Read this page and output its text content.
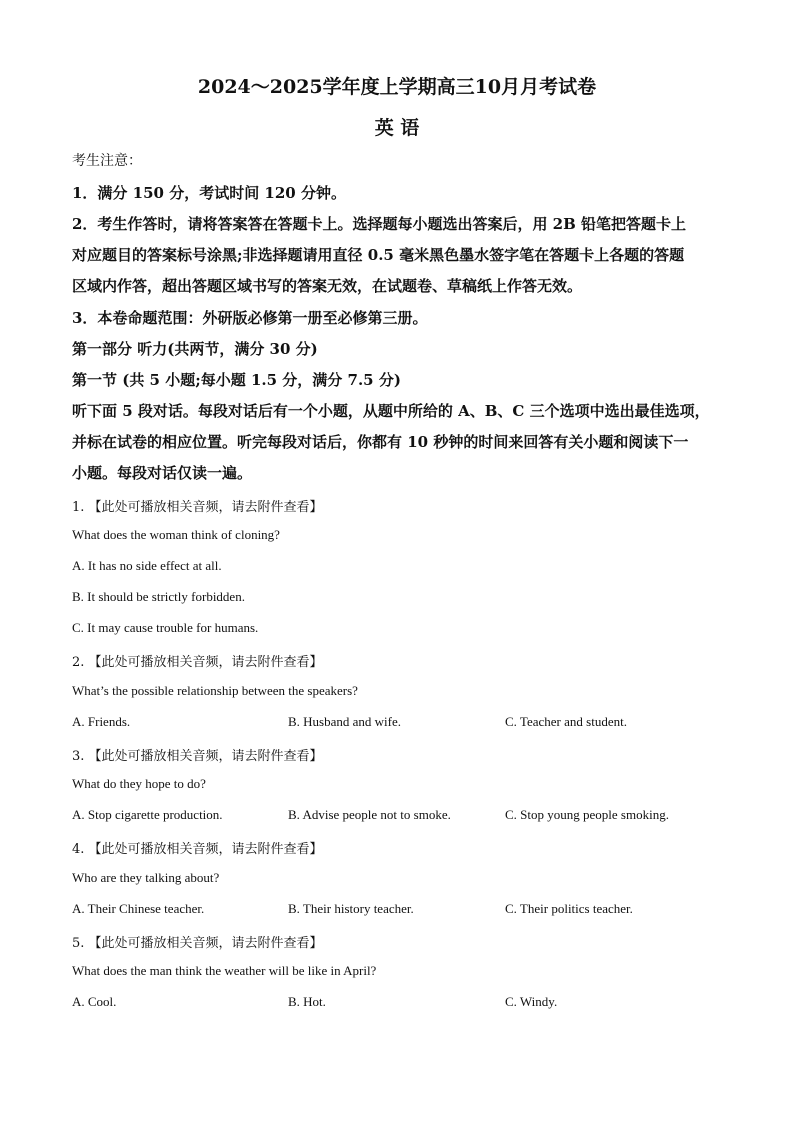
2024～2025学年度上学期高三10月月考试卷
英 语
考生注意：
1．满分 150 分，考试时间 120 分钟。
2．考生作答时，请将答案答在答题卡上。选择题每小题选出答案后，用 2B 铅笔把答题卡上
对应题目的答案标号涂黑;非选择题请用直径 0.5 毫米黑色墨水签字笔在答题卡上各题的答题
区域内作答，超出答题区域书写的答案无效，在试题卷、草稿纸上作答无效。
3．本卷命题范围：外研版必修第一册至必修第三册。
第一部分 听力(共两节，满分 30 分)
第一节 (共 5 小题;每小题 1.5 分，满分 7.5 分)
听下面 5 段对话。每段对话后有一个小题，从题中所给的 A、B、C 三个选项中选出最佳选项，
并标在试卷的相应位置。听完每段对话后，你都有 10 秒钟的时间来回答有关小题和阅读下一
小题。每段对话仅读一遍。
1. 【此处可播放相关音频，请去附件查看】
What does the woman think of cloning?
A. It has no side effect at all.
B. It should be strictly forbidden.
C. It may cause trouble for humans.
2. 【此处可播放相关音频，请去附件查看】
What’s the possible relationship between the speakers?
A. Friends.	B. Husband and wife.	C. Teacher and student.
3. 【此处可播放相关音频，请去附件查看】
What do they hope to do?
A. Stop cigarette production.	B. Advise people not to smoke.	C. Stop young people smoking.
4. 【此处可播放相关音频，请去附件查看】
Who are they talking about?
A. Their Chinese teacher.	B. Their history teacher.	C. Their politics teacher.
5. 【此处可播放相关音频，请去附件查看】
What does the man think the weather will be like in April?
A. Cool.	B. Hot.	C. Windy.
